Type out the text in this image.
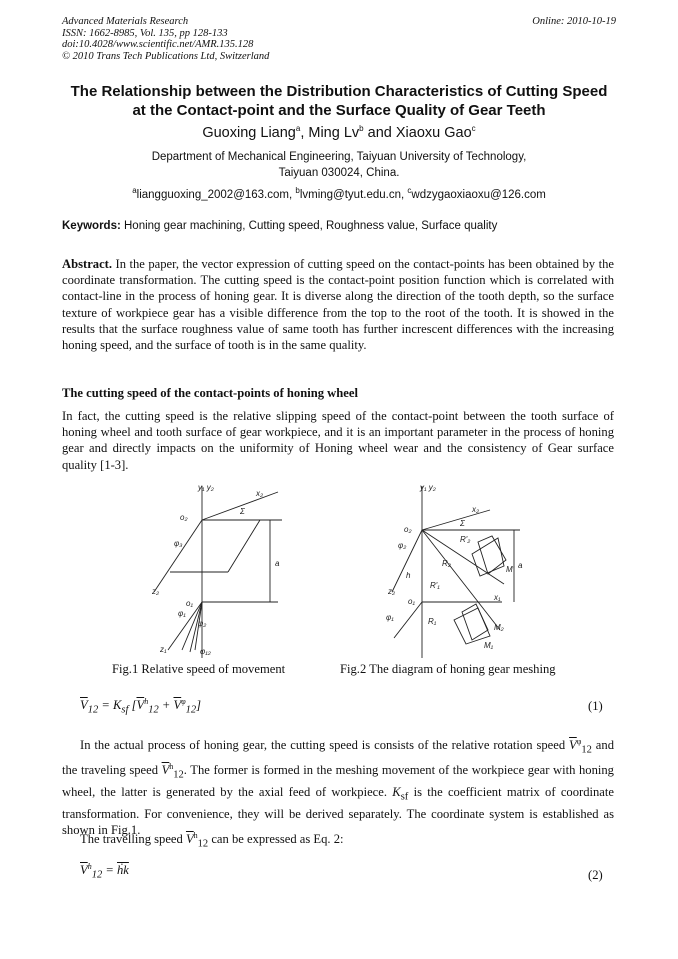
Advanced Materials Research
ISSN: 1662-8985, Vol. 135, pp 128-133
doi:10.4028/www.scientific.net/AMR.135.128
© 2010 Trans Tech Publications Ltd, Switzerland
Online: 2010-10-19
The Relationship between the Distribution Characteristics of Cutting Speed at the Contact-point and the Surface Quality of Gear Teeth
Guoxing Liang$^a$, Ming Lv$^b$ and Xiaoxu Gao$^c$
Department of Mechanical Engineering, Taiyuan University of Technology,
Taiyuan 030024, China.
$^a$liangguoxing_2002@163.com, $^b$lvming@tyut.edu.cn, $^c$wdzygaoxiaoxu@126.com
Keywords: Honing gear machining, Cutting speed, Roughness value, Surface quality
Abstract. In the paper, the vector expression of cutting speed on the contact-points has been obtained by the coordinate transformation. The cutting speed is the contact-point position function which is correlated with contact-line in the process of honing gear. It is diverse along the direction of the tooth depth, so the surface texture of workpiece gear has a visible difference from the top to the root of the tooth. It is showed in the results that the surface roughness value of same tooth has further increscent differences with the increasing honing speed, and the surface of tooth is in the same quality.
The cutting speed of the contact-points of honing wheel
In fact, the cutting speed is the relative slipping speed of the contact-point between the tooth surface of honing wheel and tooth surface of gear workpiece, and it is an important parameter in the process of honing gear and directly impacts on the uniformity of Honing wheel wear and the consistency of Gear surface quality [1-3].
y₁ y₂
x₂
o₂
Σ
φ₃
a
z₂
o₁
φ₁
φ₂
z₁	φ₁₂
y₁ y₂
x₂
o₂
Σ
φ₂
R'₂
R₂
M'
h
R'₁
a
z₂
o₁	x₁
φ₁	R₁
M₂
M₁
Fig.1 Relative speed of movement	Fig.2 The diagram of honing gear meshing
$\overline{V}_{12} = K_{sf}$ $[\overline{V}^h_{12} + \overline{V}^\varphi_{12}]$	(1)
In the actual process of honing gear, the cutting speed is consists of the relative rotation speed $\overline{V}^\varphi_{12}$ and the traveling speed $\overline{V}^h_{12}$. The former is formed in the meshing movement of the workpiece gear with honing wheel, the latter is generated by the axial feed of workpiece. $K_{sf}$ is the coefficient matrix of coordinate transformation. For convenience, they will be derived separately. The coordinate system is established as shown in Fig.1.
The travelling speed $\overline{V}^h_{12}$ can be expressed as Eq. 2:
$\overline{V}^h_{12} = \overline{ḣk}$	(2)
